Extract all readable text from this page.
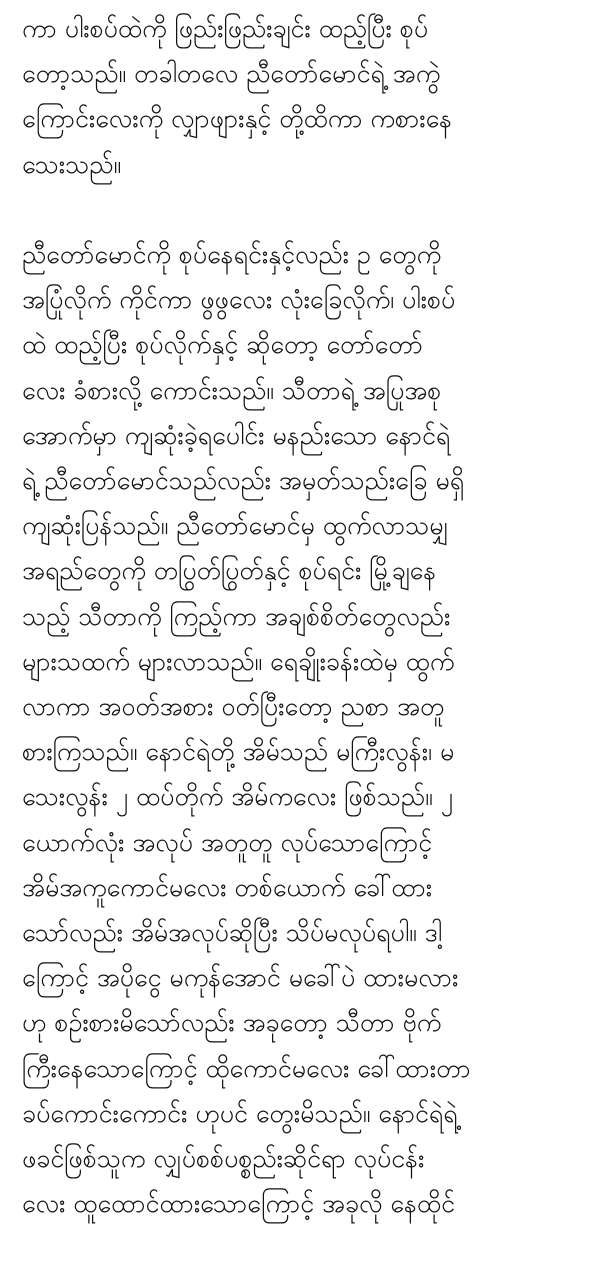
ကာ ပါးစပ်ထဲကို ဖြည်းဖြည်းချင်း ထည့်ပြီး စုပ်
တော့သည်။ တခါတလေ ညီတော်မောင်ရဲ့ အကွဲ
ကြောင်းလေးကို လျှာဖျားနှင့် တို့ထိကာ ကစားနေ
သေးသည်။

ညီတော်မောင်ကို စုပ်နေရင်းနှင့်လည်း ဥ တွေကို
အပြုံလိုက် ကိုင်ကာ ဖွဖွလေး လုံးခြေလိုက်၊ ပါးစပ်
ထဲ ထည့်ပြီး စုပ်လိုက်နှင့် ဆိုတော့ တော်တော်
လေး ခံစားလို့ ကောင်းသည်။ သီတာရဲ့ အပြုအစု
အောက်မှာ ကျဆုံးခဲ့ရပေါင်း မနည်းသော နောင်ရဲ
ရဲ့ ညီတော်မောင်သည်လည်း အမှတ်သည်းခြေ မရှိ
ကျဆုံးပြန်သည်။ ညီတော်မောင်မှ ထွက်လာသမျှ
အရည်တွေကို တပြွတ်ပြွတ်နှင့် စုပ်ရင်း မြို့ချနေ
သည့် သီတာကို ကြည့်ကာ အချစ်စိတ်တွေလည်း
များသထက် များလာသည်။ ရေချိုးခန်းထဲမှ ထွက်
လာကာ အဝတ်အစား ဝတ်ပြီးတော့ ညစာ အတူ
စားကြသည်။ နောင်ရဲတို့ အိမ်သည် မကြီးလွန်း၊ မ
သေးလွန်း ၂ ထပ်တိုက် အိမ်ကလေး ဖြစ်သည်။ ၂
ယောက်လုံး အလုပ် အတူတူ လုပ်သောကြောင့်
အိမ်အကူကောင်မလေး တစ်ယောက် ခေါ်ထား
သော်လည်း အိမ်အလုပ်ဆိုပြီး သိပ်မလုပ်ရပါ။ ဒါ့
ကြောင့် အပိုငွေ မကုန်အောင် မခေါ်ပဲ ထားမလား
ဟု စဉ်းစားမိသော်လည်း အခုတော့ သီတာ ဗိုက်
ကြီးနေသောကြောင့် ထိုကောင်မလေး ခေါ်ထားတာ
ခပ်ကောင်းကောင်း ဟုပင် တွေးမိသည်။ နောင်ရဲရဲ့
ဖခင်ဖြစ်သူက လျှပ်စစ်ပစ္စည်းဆိုင်ရာ လုပ်ငန်း
လေး ထူထောင်ထားသောကြောင့် အခုလို နေထိုင်
